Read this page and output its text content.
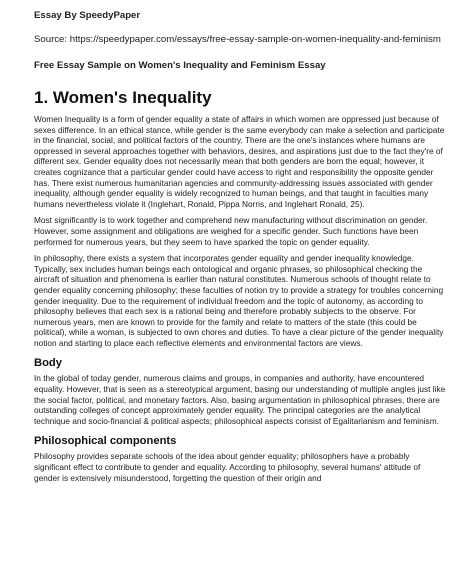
Essay By SpeedyPaper

Source: https://speedypaper.com/essays/free-essay-sample-on-women-inequality-and-feminism

Free Essay Sample on Women's Inequality and Feminism Essay

1. Women's Inequality

Women Inequality is a form of gender equality a state of affairs in which women are oppressed just because of sexes difference. In an ethical stance, while gender is the same everybody can make a selection and participate in the financial, social, and political factors of the country. There are the one's instances where humans are oppressed in several approaches together with behaviors, desires, and aspirations just due to the fact they're of different sex. Gender equality does not necessarily mean that both genders are born the equal; however, it creates cognizance that a particular gender could have access to right and responsibility the opposite gender has. There exist numerous humanitarian agencies and community-addressing issues associated with gender inequality, although gender equality is widely recognized to human beings, and that taught in faculties many humans nevertheless violate it (Inglehart, Ronald, Pippa Norris, and Inglehart Ronald, 25).

Most significantly is to work together and comprehend new manufacturing without discrimination on gender. However, some assignment and obligations are weighed for a specific gender. Such functions have been performed for numerous years, but they seem to have sparked the topic on gender equality.

In philosophy, there exists a system that incorporates gender equality and gender inequality knowledge. Typically, sex includes human beings each ontological and organic phrases, so philosophical checking the aircraft of situation and phenomena is earlier than natural constitutes. Numerous schools of thought relate to gender equality concerning philosophy; these faculties of notion try to provide a strategy for troubles concerning gender inequality. Due to the requirement of individual freedom and the topic of autonomy, as according to philosophy believes that each sex is a rational being and therefore probably subjects to the observe. For numerous years, men are known to provide for the family and relate to matters of the state (this could be political), while a woman, is subjected to own chores and duties. To have a clear picture of the gender inequality notion and starting to place each reflective elements and environmental factors are views.

Body

In the global of today gender, numerous claims and groups, in companies and authority, have encountered equality. However, that is seen as a stereotypical argument, basing our understanding of multiple angles just like the social factor, political, and monetary factors. Also, basing argumentation in philosophical phrases, there are outstanding colleges of concept approximately gender equality. The principal categories are the analytical technique and socio-financial & political aspects; philosophical aspects consist of Egalitarianism and feminism.

Philosophical components

Philosophy provides separate schools of the idea about gender equality; philosophers have a probably significant effect to contribute to gender and equality. According to philosophy, several humans' attitude of gender is extensively misunderstood, forgetting the question of their origin and
